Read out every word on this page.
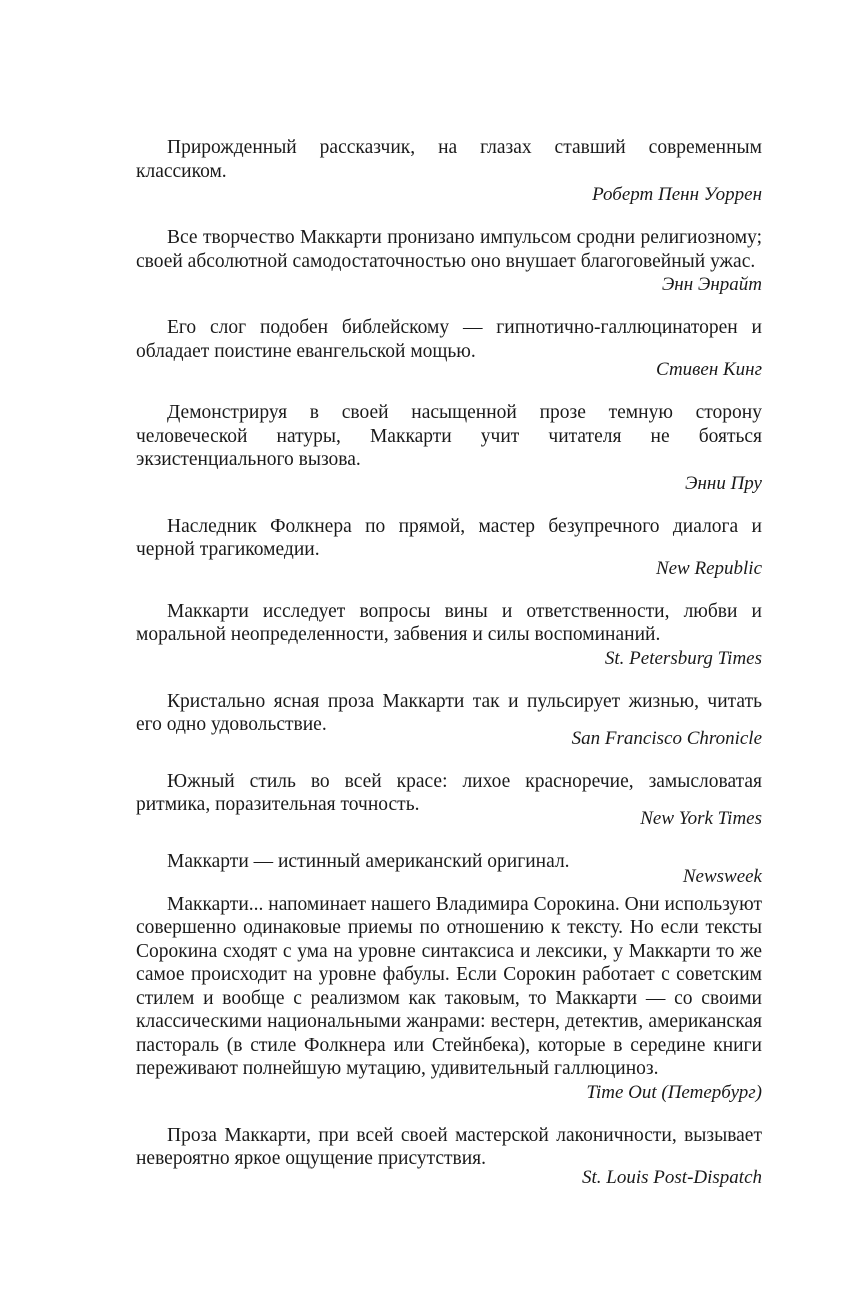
Прирожденный рассказчик, на глазах ставший современным классиком.

Роберт Пенн Уоррен

Все творчество Маккарти пронизано импульсом сродни религиозному; своей абсолютной самодостаточностью оно внушает благоговейный ужас.

Энн Энрайт

Его слог подобен библейскому — гипнотично-галлюцинаторен и обладает поистине евангельской мощью.

Стивен Кинг

Демонстрируя в своей насыщенной прозе темную сторону человеческой натуры, Маккарти учит читателя не бояться экзистенциального вызова.

Энни Пру

Наследник Фолкнера по прямой, мастер безупречного диалога и черной трагикомедии.

New Republic

Маккарти исследует вопросы вины и ответственности, любви и моральной неопределенности, забвения и силы воспоминаний.

St. Petersburg Times

Кристально ясная проза Маккарти так и пульсирует жизнью, читать его одно удовольствие.

San Francisco Chronicle

Южный стиль во всей красе: лихое красноречие, замысловатая ритмика, поразительная точность.

New York Times

Маккарти — истинный американский оригинал.

Newsweek

Маккарти... напоминает нашего Владимира Сорокина. Они используют совершенно одинаковые приемы по отношению к тексту. Но если тексты Сорокина сходят с ума на уровне синтаксиса и лексики, у Маккарти то же самое происходит на уровне фабулы. Если Сорокин работает с советским стилем и вообще с реализмом как таковым, то Маккарти — со своими классическими национальными жанрами: вестерн, детектив, американская пастораль (в стиле Фолкнера или Стейнбека), которые в середине книги переживают полнейшую мутацию, удивительный галлюциноз.

Time Out (Петербург)

Проза Маккарти, при всей своей мастерской лаконичности, вызывает невероятно яркое ощущение присутствия.

St. Louis Post-Dispatch
